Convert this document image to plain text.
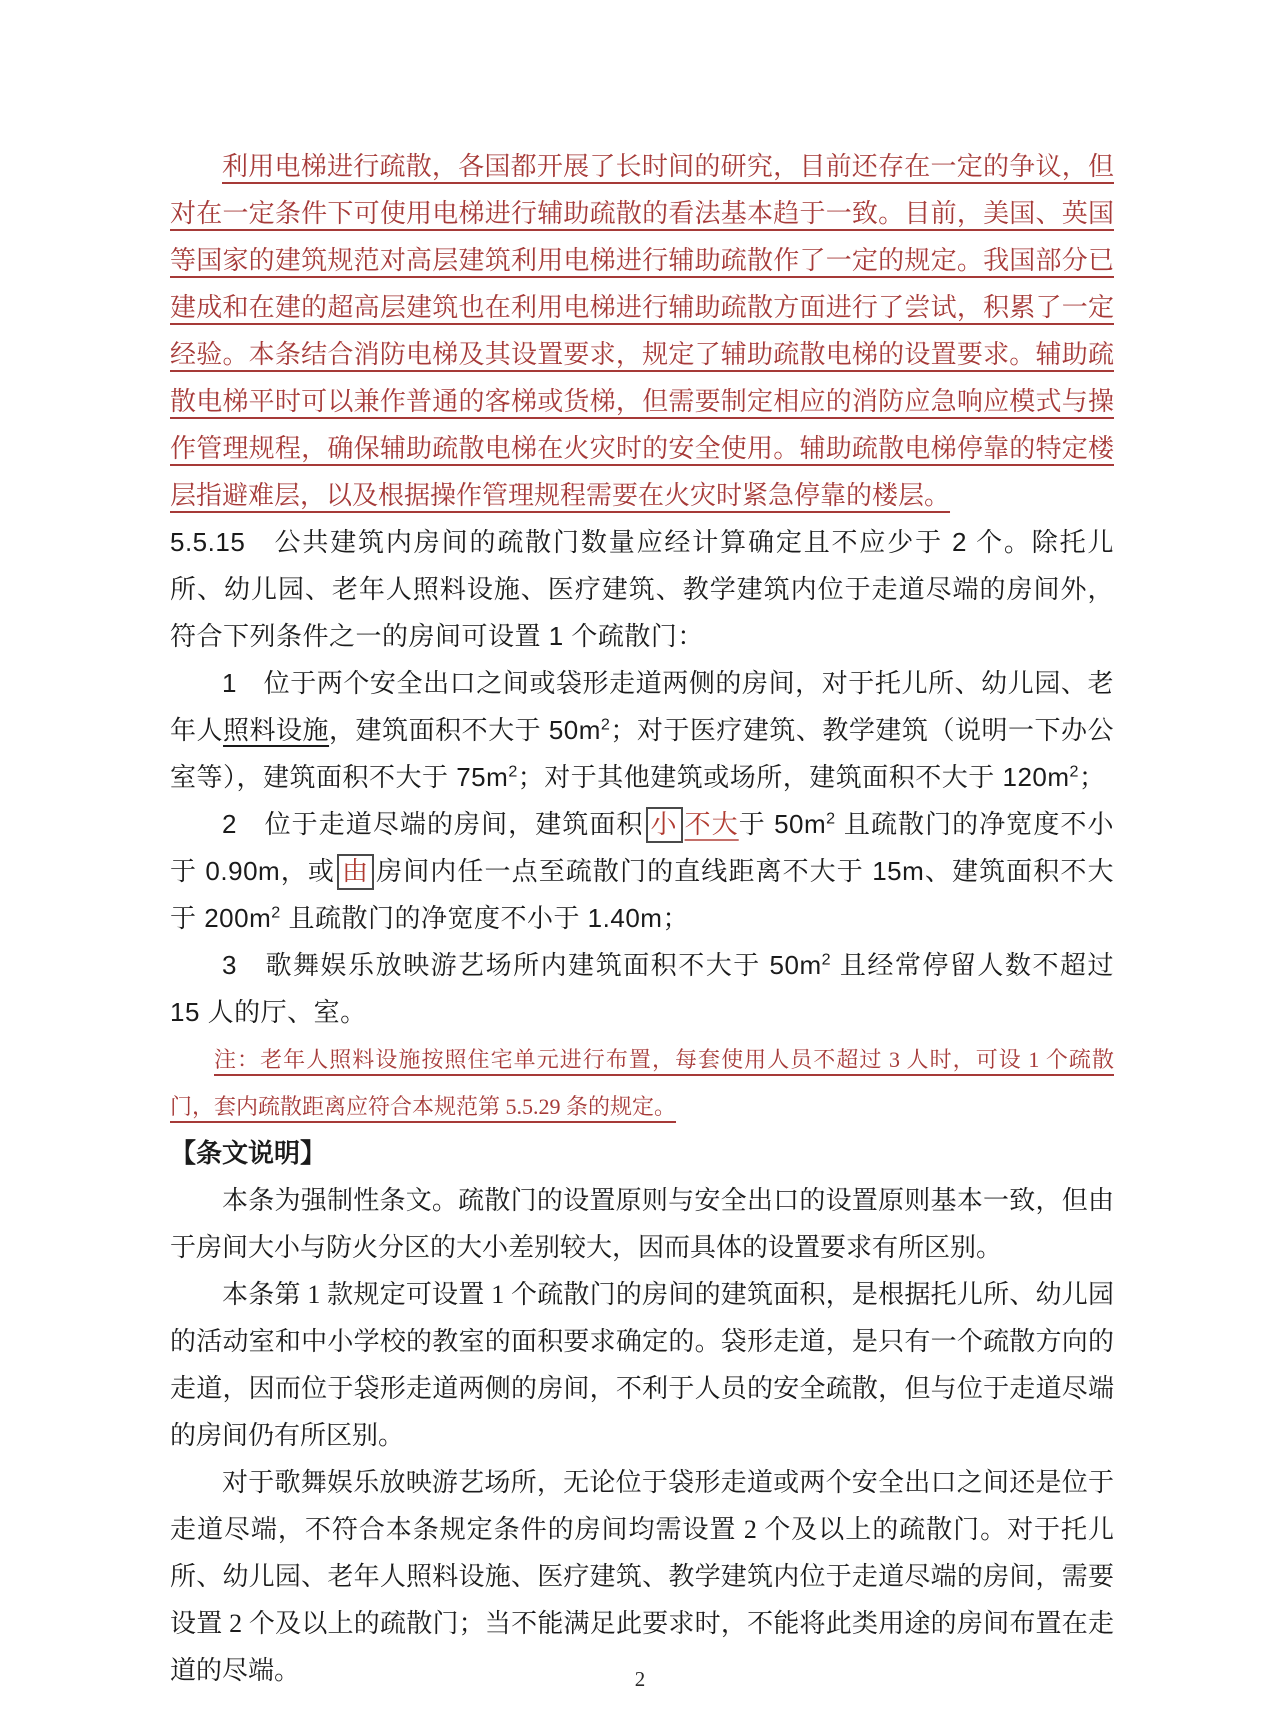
利用电梯进行疏散，各国都开展了长时间的研究，目前还存在一定的争议，但对在一定条件下可使用电梯进行辅助疏散的看法基本趋于一致。目前，美国、英国等国家的建筑规范对高层建筑利用电梯进行辅助疏散作了一定的规定。我国部分已建成和在建的超高层建筑也在利用电梯进行辅助疏散方面进行了尝试，积累了一定经验。本条结合消防电梯及其设置要求，规定了辅助疏散电梯的设置要求。辅助疏散电梯平时可以兼作普通的客梯或货梯，但需要制定相应的消防应急响应模式与操作管理规程，确保辅助疏散电梯在火灾时的安全使用。辅助疏散电梯停靠的特定楼层指避难层，以及根据操作管理规程需要在火灾时紧急停靠的楼层。

5.5.15　公共建筑内房间的疏散门数量应经计算确定且不应少于 2 个。除托儿所、幼儿园、老年人照料设施、医疗建筑、教学建筑内位于走道尽端的房间外，符合下列条件之一的房间可设置 1 个疏散门：

1　位于两个安全出口之间或袋形走道两侧的房间，对于托儿所、幼儿园、老年人照料设施，建筑面积不大于 $50m^2$；对于医疗建筑、教学建筑（说明一下办公室等），建筑面积不大于 $75m^2$；对于其他建筑或场所，建筑面积不大于 $120m^2$；

2　位于走道尽端的房间，建筑面积 小 不大于 $50m^2$ 且疏散门的净宽度不小于 0.90m，或 由 房间内任一点至疏散门的直线距离不大于 15m、建筑面积不大于 $200m^2$ 且疏散门的净宽度不小于 1.40m；

3　歌舞娱乐放映游艺场所内建筑面积不大于 $50m^2$ 且经常停留人数不超过 15 人的厅、室。

注：老年人照料设施按照住宅单元进行布置，每套使用人员不超过 3 人时，可设 1 个疏散门，套内疏散距离应符合本规范第 5.5.29 条的规定。

【条文说明】

本条为强制性条文。疏散门的设置原则与安全出口的设置原则基本一致，但由于房间大小与防火分区的大小差别较大，因而具体的设置要求有所区别。

本条第 1 款规定可设置 1 个疏散门的房间的建筑面积，是根据托儿所、幼儿园的活动室和中小学校的教室的面积要求确定的。袋形走道，是只有一个疏散方向的走道，因而位于袋形走道两侧的房间，不利于人员的安全疏散，但与位于走道尽端的房间仍有所区别。

对于歌舞娱乐放映游艺场所，无论位于袋形走道或两个安全出口之间还是位于走道尽端，不符合本条规定条件的房间均需设置 2 个及以上的疏散门。对于托儿所、幼儿园、老年人照料设施、医疗建筑、教学建筑内位于走道尽端的房间，需要设置 2 个及以上的疏散门；当不能满足此要求时，不能将此类用途的房间布置在走道的尽端。	2
